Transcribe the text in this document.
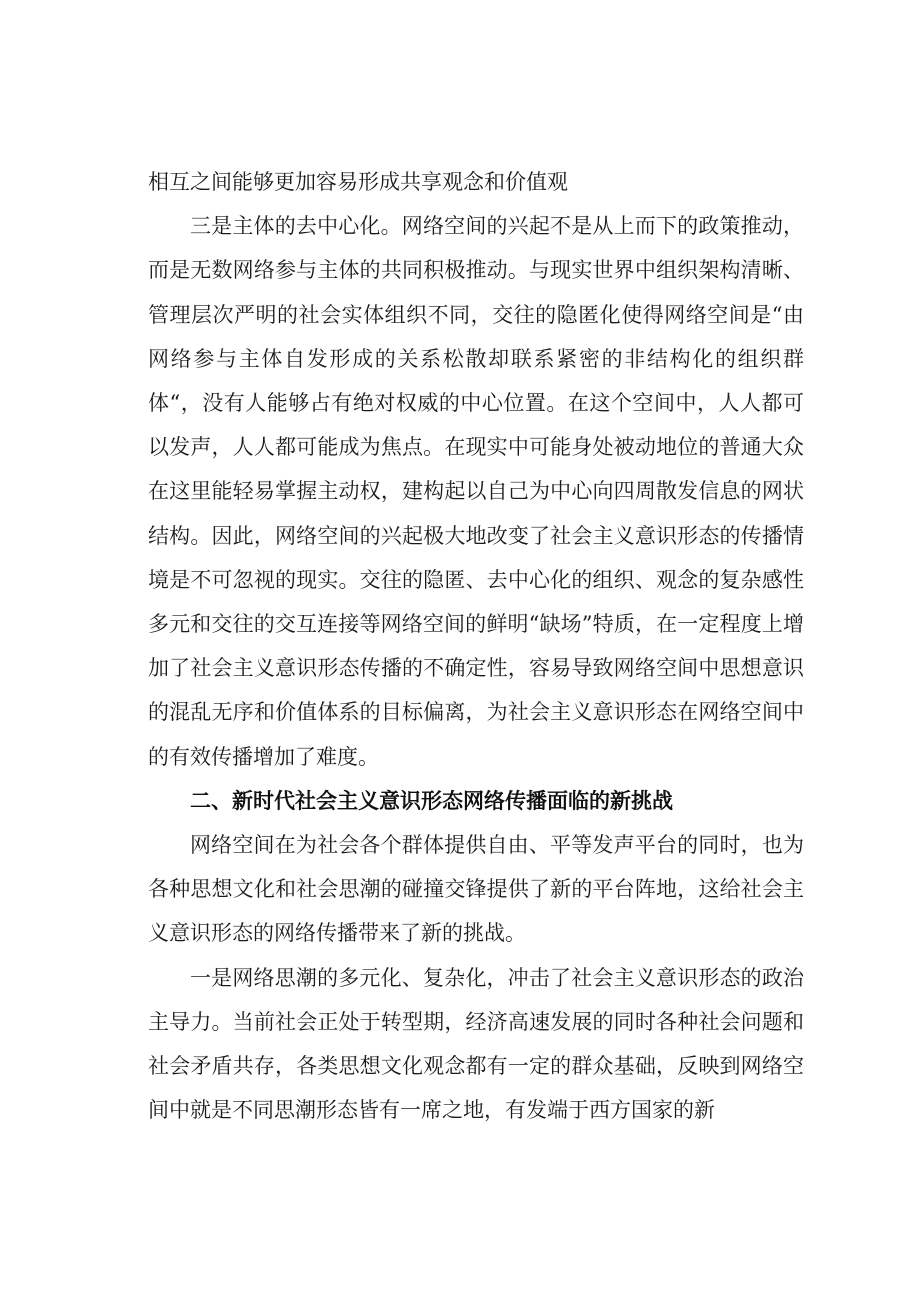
相互之间能够更加容易形成共享观念和价值观

三是主体的去中心化。网络空间的兴起不是从上而下的政策推动，而是无数网络参与主体的共同积极推动。与现实世界中组织架构清晰、管理层次严明的社会实体组织不同，交往的隐匿化使得网络空间是“由网络参与主体自发形成的关系松散却联系紧密的非结构化的组织群体“，没有人能够占有绝对权威的中心位置。在这个空间中，人人都可以发声，人人都可能成为焦点。在现实中可能身处被动地位的普通大众在这里能轻易掌握主动权，建构起以自己为中心向四周散发信息的网状结构。因此，网络空间的兴起极大地改变了社会主义意识形态的传播情境是不可忽视的现实。交往的隐匿、去中心化的组织、观念的复杂感性多元和交往的交互连接等网络空间的鲜明“缺场”特质，在一定程度上增加了社会主义意识形态传播的不确定性，容易导致网络空间中思想意识的混乱无序和价值体系的目标偏离，为社会主义意识形态在网络空间中的有效传播增加了难度。

二、新时代社会主义意识形态网络传播面临的新挑战

网络空间在为社会各个群体提供自由、平等发声平台的同时，也为各种思想文化和社会思潮的碰撞交锋提供了新的平台阵地，这给社会主义意识形态的网络传播带来了新的挑战。

一是网络思潮的多元化、复杂化，冲击了社会主义意识形态的政治主导力。当前社会正处于转型期，经济高速发展的同时各种社会问题和社会矛盾共存，各类思想文化观念都有一定的群众基础，反映到网络空间中就是不同思潮形态皆有一席之地，有发端于西方国家的新
